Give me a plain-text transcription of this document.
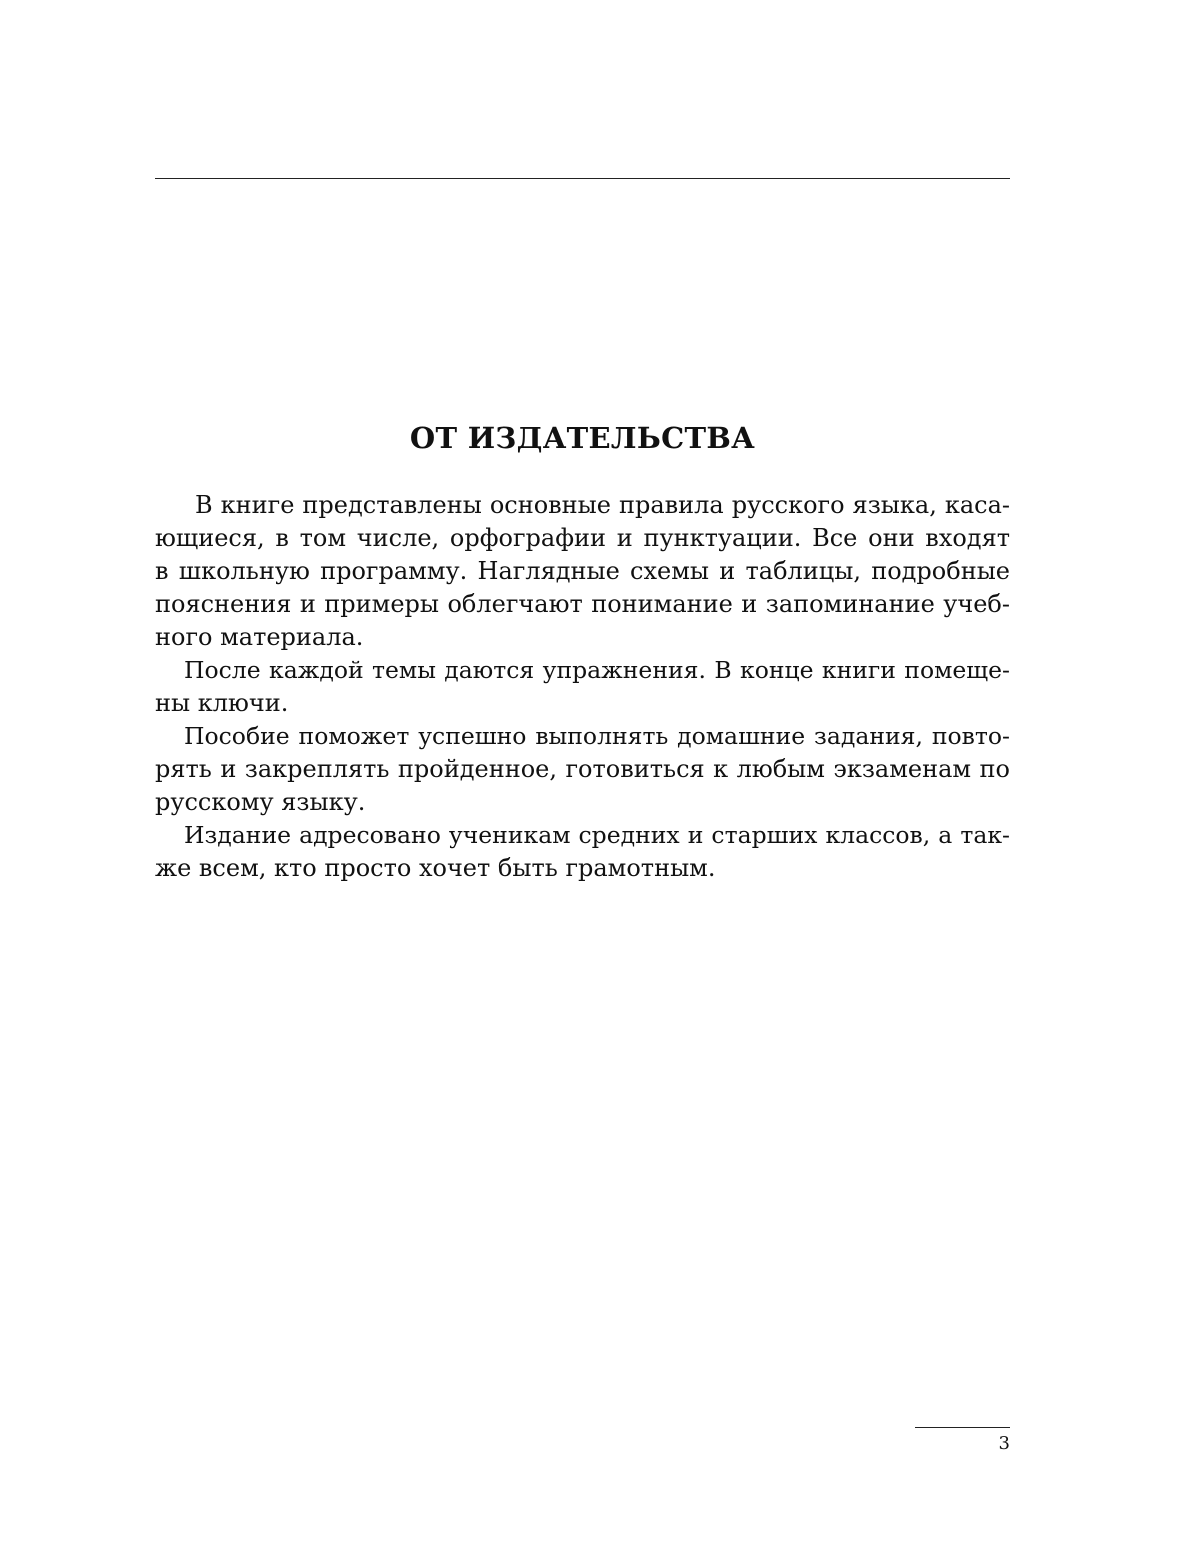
ОТ ИЗДАТЕЛЬСТВА
В книге представлены основные правила русского языка, каса-
ющиеся, в том числе, орфографии и пунктуации. Все они входят
в школьную программу. Наглядные схемы и таблицы, подробные
пояснения и примеры облегчают понимание и запоминание учеб-
ного материала.
После каждой темы даются упражнения. В конце книги помеще-
ны ключи.
Пособие поможет успешно выполнять домашние задания, повто-
рять и закреплять пройденное, готовиться к любым экзаменам по
русскому языку.
Издание адресовано ученикам средних и старших классов, а так-
же всем, кто просто хочет быть грамотным.
3
